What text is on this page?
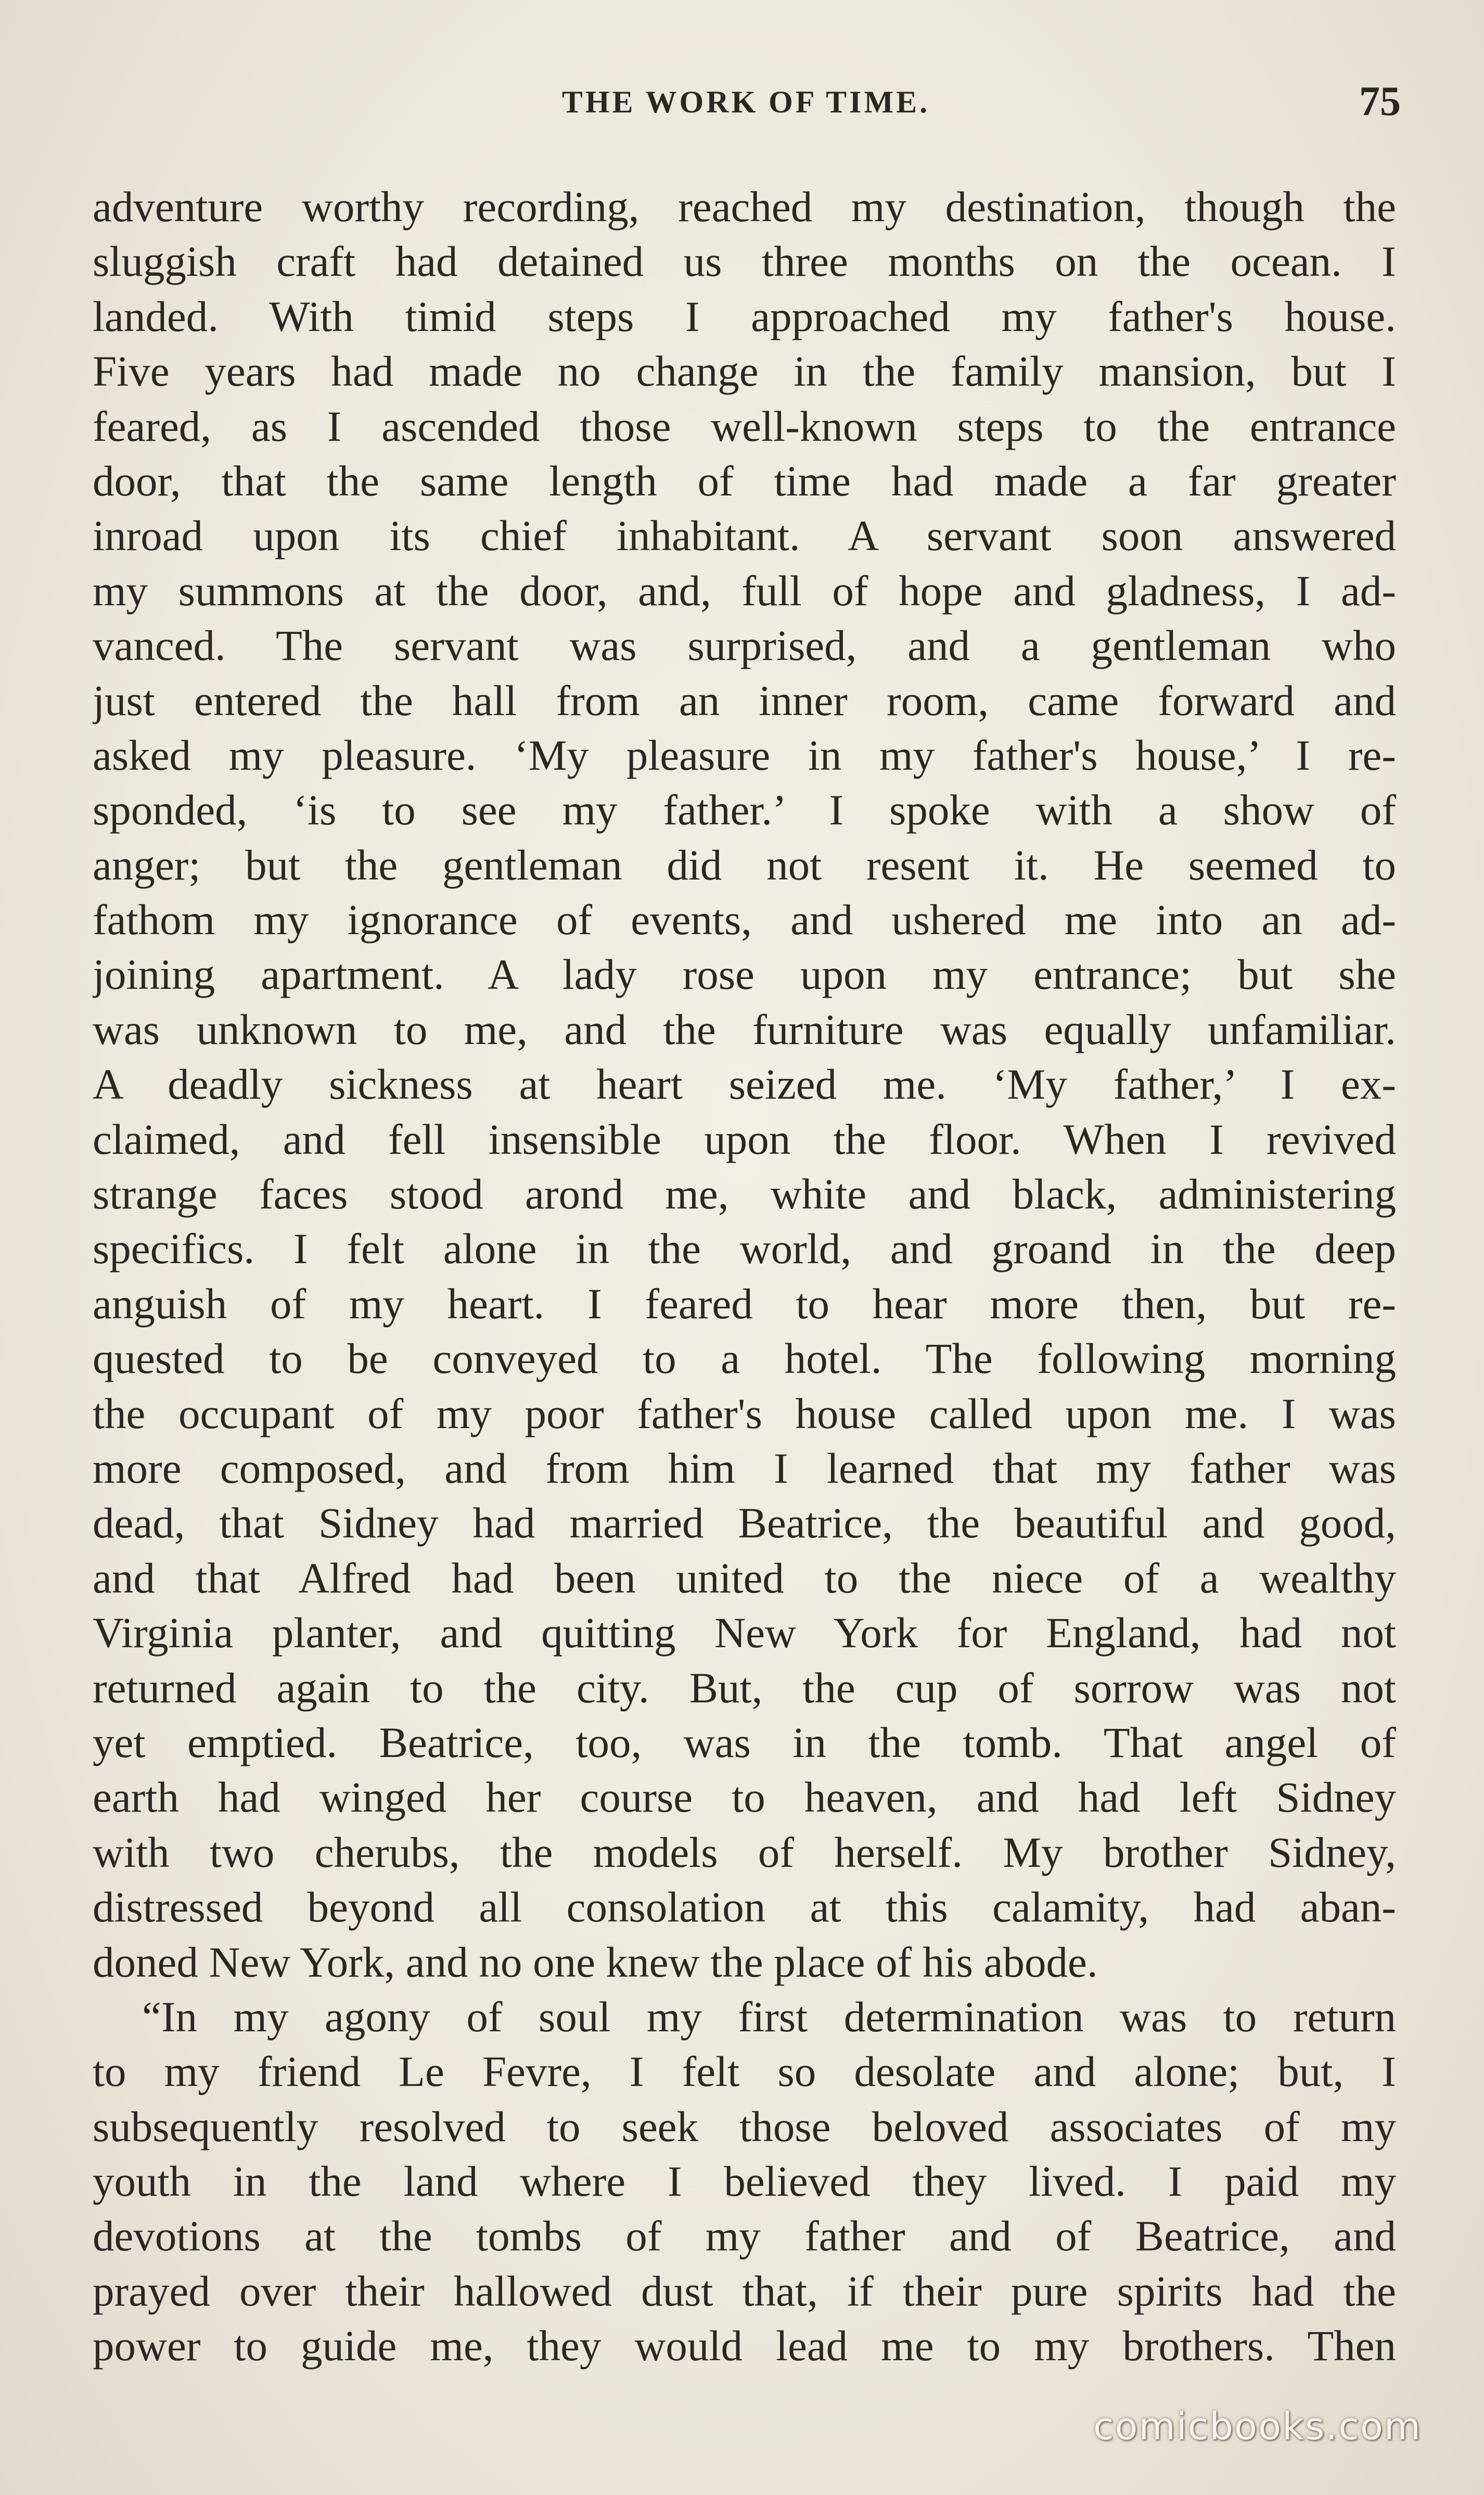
THE WORK OF TIME.	75
adventure worthy recording, reached my destination, though the
sluggish craft had detained us three months on the ocean. I
landed. With timid steps I approached my father's house.
Five years had made no change in the family mansion, but I
feared, as I ascended those well-known steps to the entrance
door, that the same length of time had made a far greater
inroad upon its chief inhabitant. A servant soon answered
my summons at the door, and, full of hope and gladness, I ad-
vanced. The servant was surprised, and a gentleman who
just entered the hall from an inner room, came forward and
asked my pleasure. ‘My pleasure in my father's house,’ I re-
sponded, ‘is to see my father.’ I spoke with a show of
anger; but the gentleman did not resent it. He seemed to
fathom my ignorance of events, and ushered me into an ad-
joining apartment. A lady rose upon my entrance; but she
was unknown to me, and the furniture was equally unfamiliar.
A deadly sickness at heart seized me. ‘My father,’ I ex-
claimed, and fell insensible upon the floor. When I revived
strange faces stood arond me, white and black, administering
specifics. I felt alone in the world, and groand in the deep
anguish of my heart. I feared to hear more then, but re-
quested to be conveyed to a hotel. The following morning
the occupant of my poor father's house called upon me. I was
more composed, and from him I learned that my father was
dead, that Sidney had married Beatrice, the beautiful and good,
and that Alfred had been united to the niece of a wealthy
Virginia planter, and quitting New York for England, had not
returned again to the city. But, the cup of sorrow was not
yet emptied. Beatrice, too, was in the tomb. That angel of
earth had winged her course to heaven, and had left Sidney
with two cherubs, the models of herself. My brother Sidney,
distressed beyond all consolation at this calamity, had aban-
doned New York, and no one knew the place of his abode.
“In my agony of soul my first determination was to return
to my friend Le Fevre, I felt so desolate and alone; but, I
subsequently resolved to seek those beloved associates of my
youth in the land where I believed they lived. I paid my
devotions at the tombs of my father and of Beatrice, and
prayed over their hallowed dust that, if their pure spirits had the
power to guide me, they would lead me to my brothers. Then
comicbooks.com
